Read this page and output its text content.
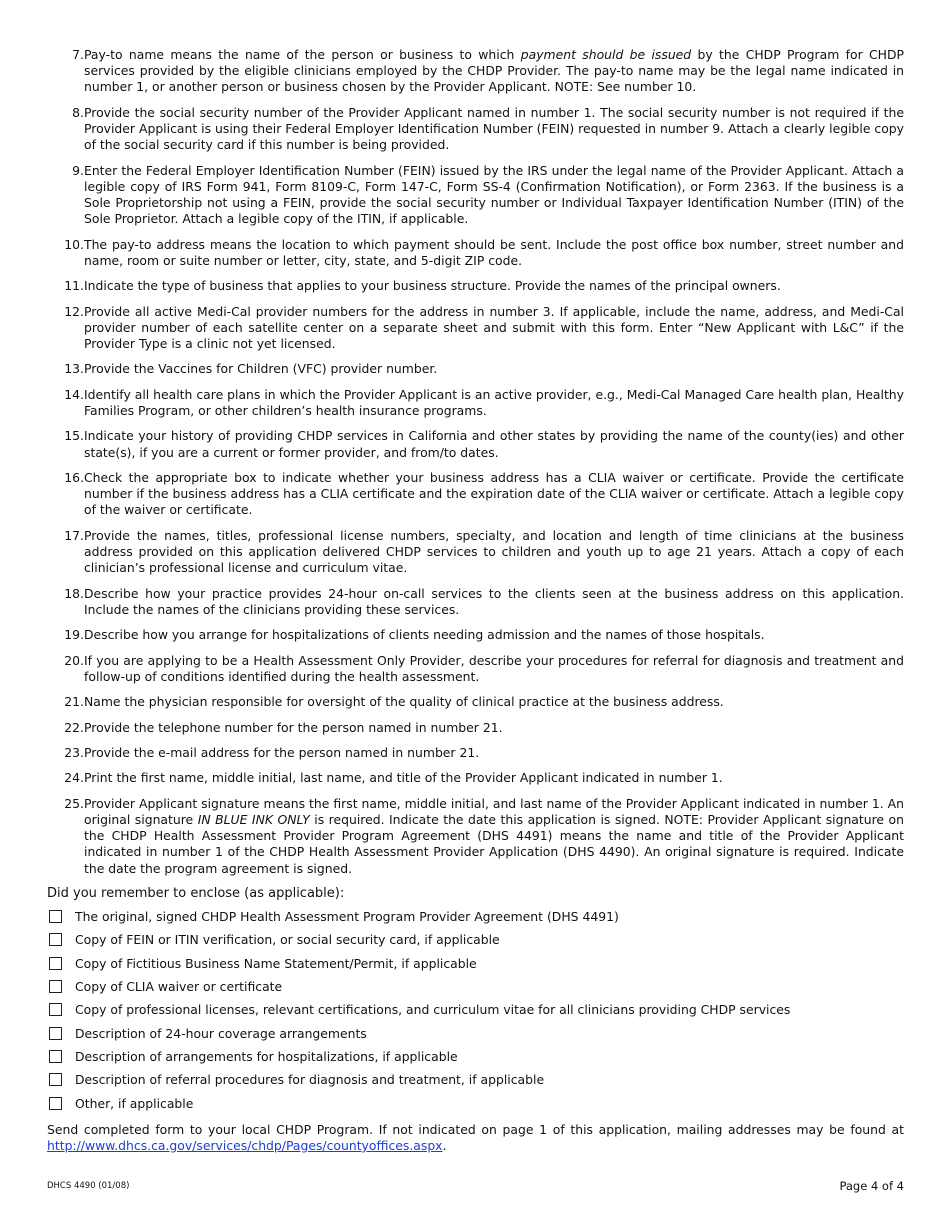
7. Pay-to name means the name of the person or business to which payment should be issued by the CHDP Program for CHDP services provided by the eligible clinicians employed by the CHDP Provider. The pay-to name may be the legal name indicated in number 1, or another person or business chosen by the Provider Applicant. NOTE: See number 10.
8. Provide the social security number of the Provider Applicant named in number 1. The social security number is not required if the Provider Applicant is using their Federal Employer Identification Number (FEIN) requested in number 9. Attach a clearly legible copy of the social security card if this number is being provided.
9. Enter the Federal Employer Identification Number (FEIN) issued by the IRS under the legal name of the Provider Applicant. Attach a legible copy of IRS Form 941, Form 8109-C, Form 147-C, Form SS-4 (Confirmation Notification), or Form 2363. If the business is a Sole Proprietorship not using a FEIN, provide the social security number or Individual Taxpayer Identification Number (ITIN) of the Sole Proprietor. Attach a legible copy of the ITIN, if applicable.
10. The pay-to address means the location to which payment should be sent. Include the post office box number, street number and name, room or suite number or letter, city, state, and 5-digit ZIP code.
11. Indicate the type of business that applies to your business structure. Provide the names of the principal owners.
12. Provide all active Medi-Cal provider numbers for the address in number 3. If applicable, include the name, address, and Medi-Cal provider number of each satellite center on a separate sheet and submit with this form. Enter “New Applicant with L&C” if the Provider Type is a clinic not yet licensed.
13. Provide the Vaccines for Children (VFC) provider number.
14. Identify all health care plans in which the Provider Applicant is an active provider, e.g., Medi-Cal Managed Care health plan, Healthy Families Program, or other children’s health insurance programs.
15. Indicate your history of providing CHDP services in California and other states by providing the name of the county(ies) and other state(s), if you are a current or former provider, and from/to dates.
16. Check the appropriate box to indicate whether your business address has a CLIA waiver or certificate. Provide the certificate number if the business address has a CLIA certificate and the expiration date of the CLIA waiver or certificate. Attach a legible copy of the waiver or certificate.
17. Provide the names, titles, professional license numbers, specialty, and location and length of time clinicians at the business address provided on this application delivered CHDP services to children and youth up to age 21 years. Attach a copy of each clinician’s professional license and curriculum vitae.
18. Describe how your practice provides 24-hour on-call services to the clients seen at the business address on this application. Include the names of the clinicians providing these services.
19. Describe how you arrange for hospitalizations of clients needing admission and the names of those hospitals.
20. If you are applying to be a Health Assessment Only Provider, describe your procedures for referral for diagnosis and treatment and follow-up of conditions identified during the health assessment.
21. Name the physician responsible for oversight of the quality of clinical practice at the business address.
22. Provide the telephone number for the person named in number 21.
23. Provide the e-mail address for the person named in number 21.
24. Print the first name, middle initial, last name, and title of the Provider Applicant indicated in number 1.
25. Provider Applicant signature means the first name, middle initial, and last name of the Provider Applicant indicated in number 1. An original signature IN BLUE INK ONLY is required. Indicate the date this application is signed. NOTE: Provider Applicant signature on the CHDP Health Assessment Provider Program Agreement (DHS 4491) means the name and title of the Provider Applicant indicated in number 1 of the CHDP Health Assessment Provider Application (DHS 4490). An original signature is required. Indicate the date the program agreement is signed.
Did you remember to enclose (as applicable):
The original, signed CHDP Health Assessment Program Provider Agreement (DHS 4491)
Copy of FEIN or ITIN verification, or social security card, if applicable
Copy of Fictitious Business Name Statement/Permit, if applicable
Copy of CLIA waiver or certificate
Copy of professional licenses, relevant certifications, and curriculum vitae for all clinicians providing CHDP services
Description of 24-hour coverage arrangements
Description of arrangements for hospitalizations, if applicable
Description of referral procedures for diagnosis and treatment, if applicable
Other, if applicable
Send completed form to your local CHDP Program. If not indicated on page 1 of this application, mailing addresses may be found at http://www.dhcs.ca.gov/services/chdp/Pages/countyoffices.aspx.
DHCS 4490 (01/08)	Page 4 of 4
